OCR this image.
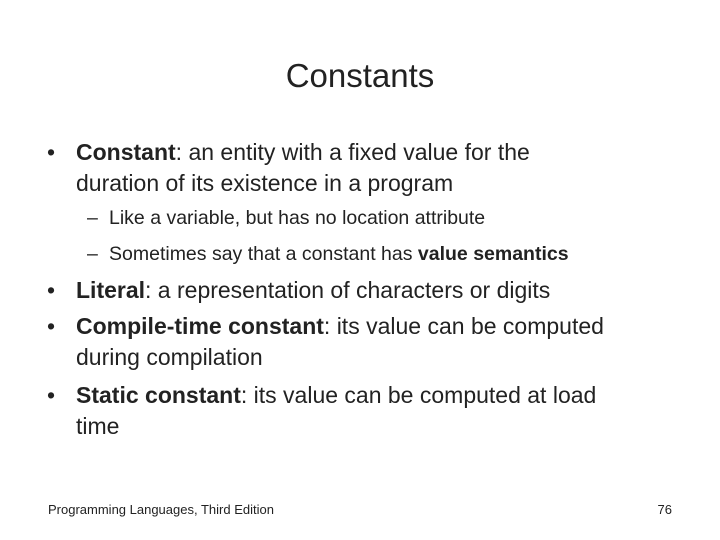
Constants
• Constant: an entity with a fixed value for the
duration of its existence in a program
– Like a variable, but has no location attribute
– Sometimes say that a constant has value semantics
• Literal: a representation of characters or digits
• Compile-time constant: its value can be computed
during compilation
• Static constant: its value can be computed at load
time
Programming Languages, Third Edition	76
